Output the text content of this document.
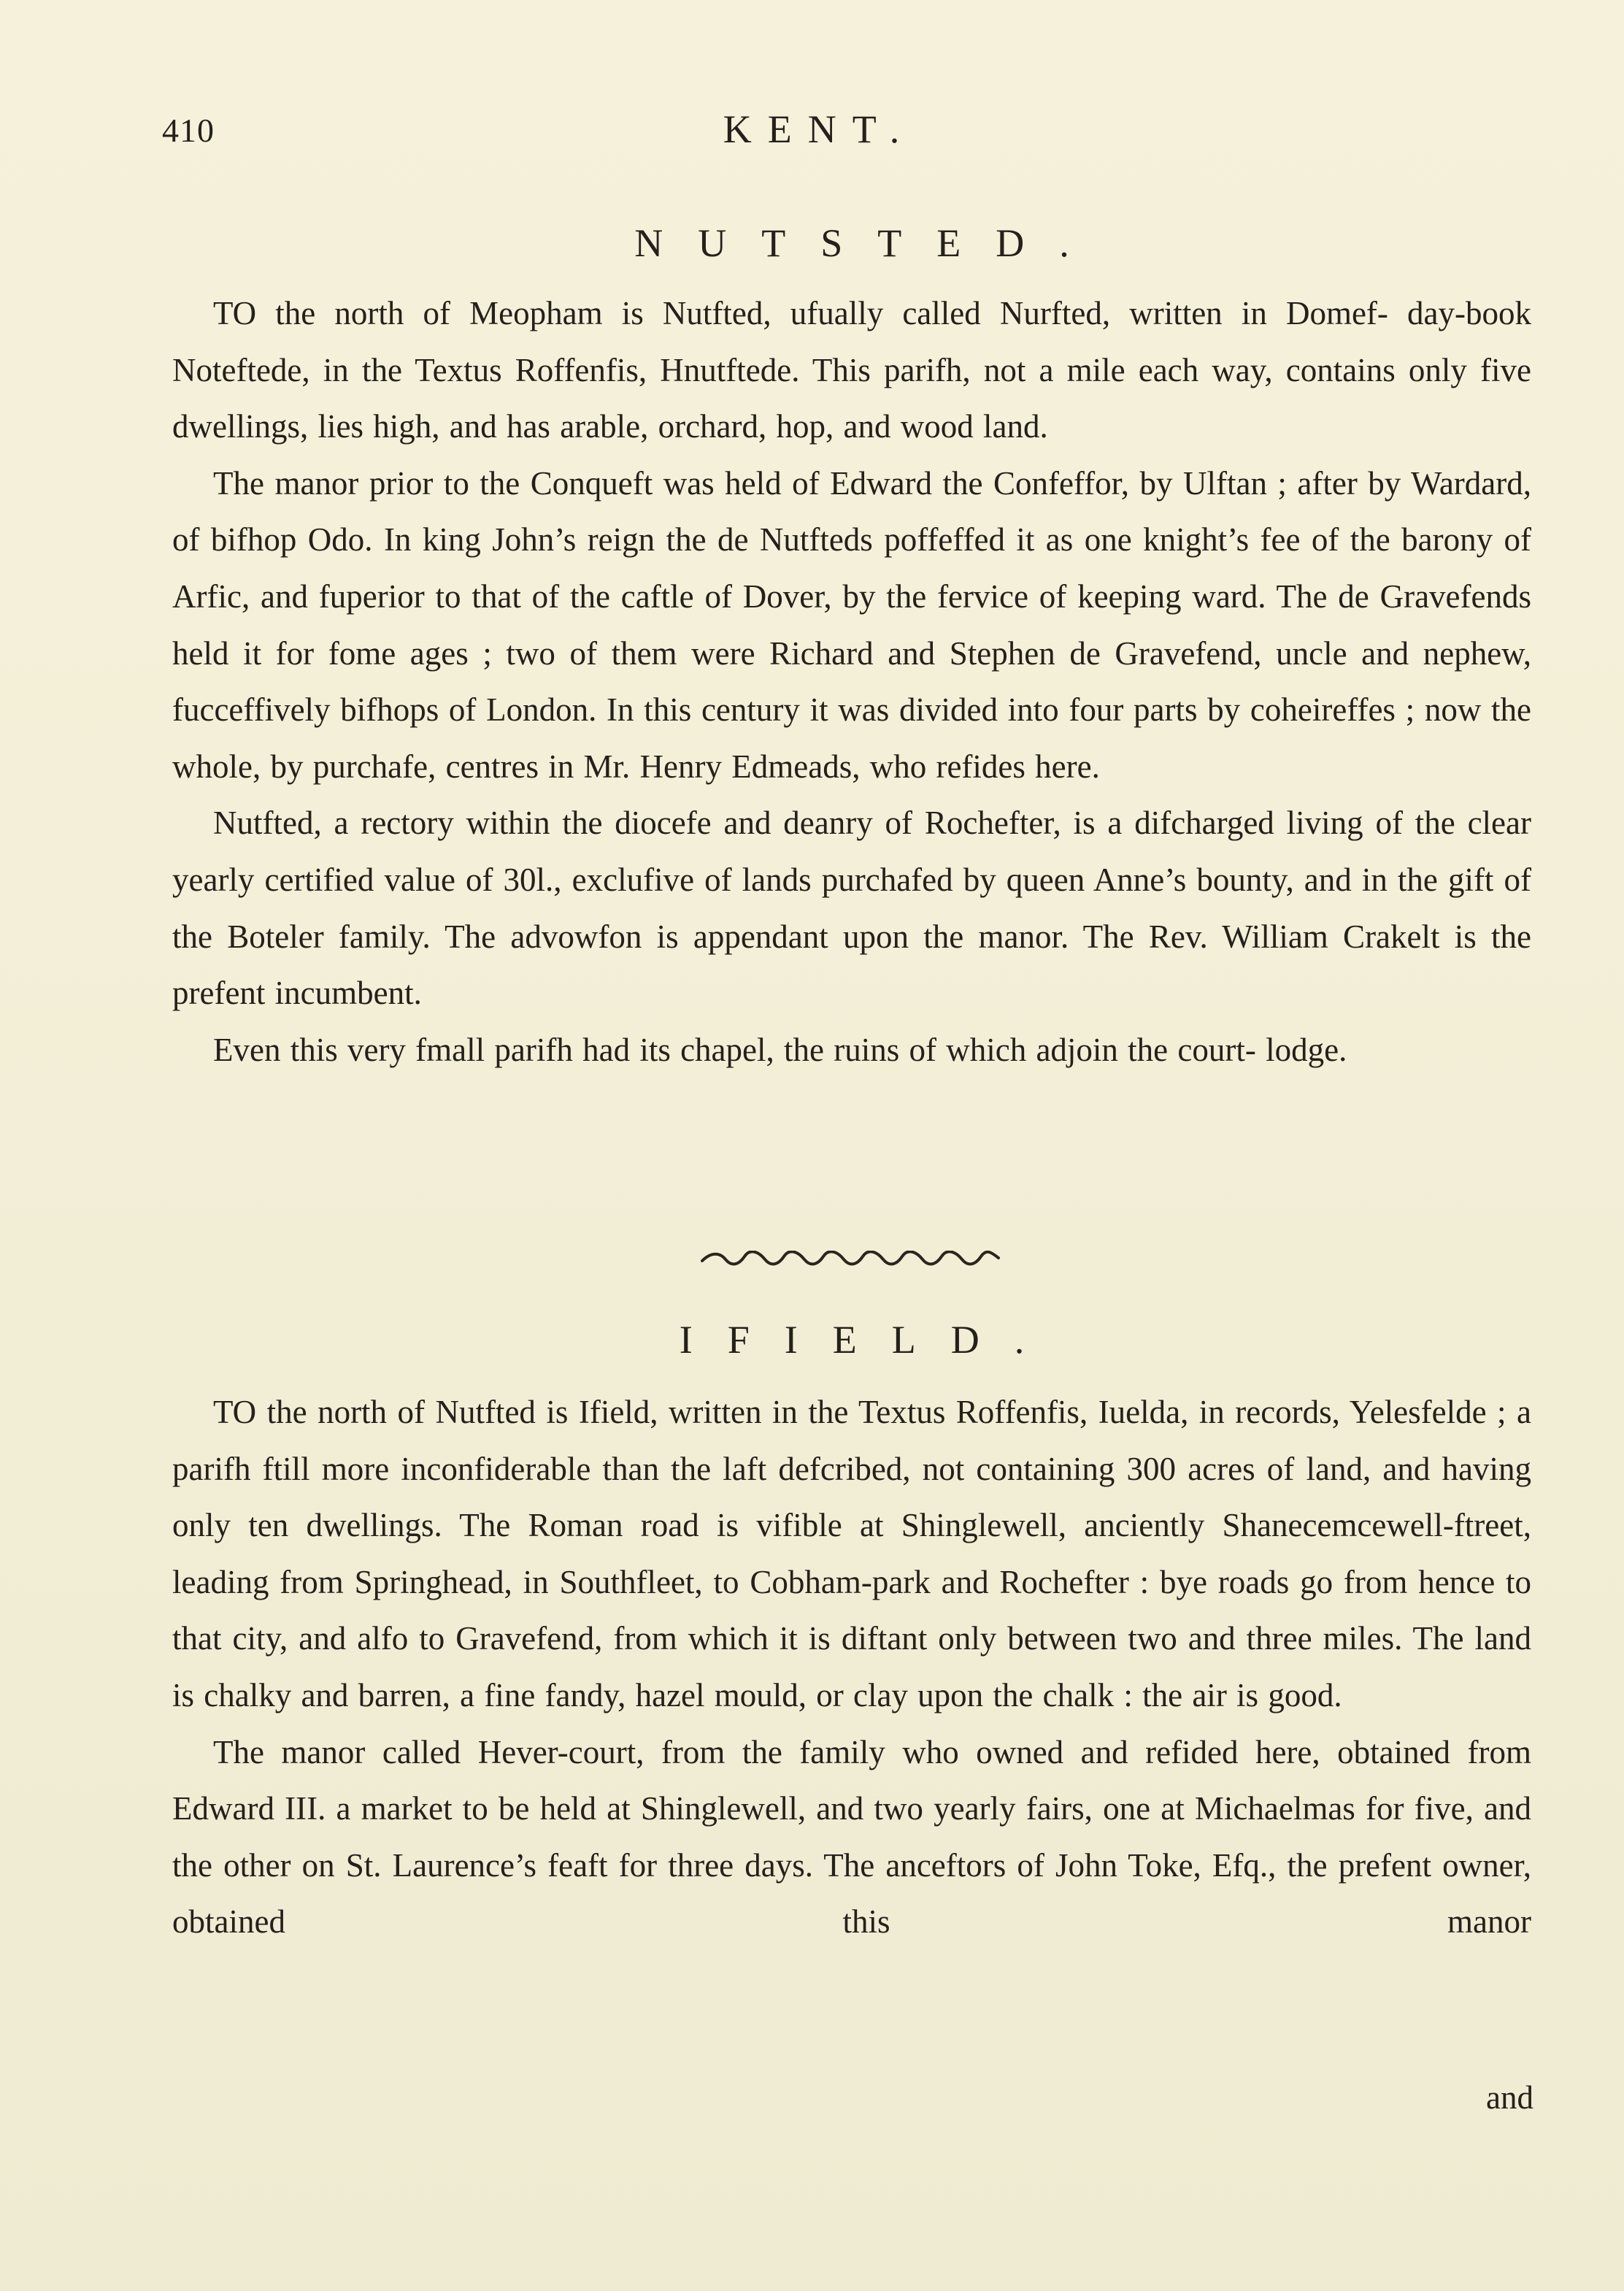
410	KENT.
NUTSTED.

TO the north of Meopham is Nutfted, ufually called Nurfted, written in Domef- day-book Noteftede, in the Textus Roffenfis, Hnutftede. This parifh, not a mile each way, contains only five dwellings, lies high, and has arable, orchard, hop, and wood land.

The manor prior to the Conqueft was held of Edward the Confeffor, by Ulftan ; after by Wardard, of bifhop Odo. In king John’s reign the de Nutfteds poffeffed it as one knight’s fee of the barony of Arfic, and fuperior to that of the caftle of Dover, by the fervice of keeping ward. The de Gravefends held it for fome ages ; two of them were Richard and Stephen de Gravefend, uncle and nephew, fucceffively bifhops of London. In this century it was divided into four parts by coheireffes ; now the whole, by purchafe, centres in Mr. Henry Edmeads, who refides here.

Nutfted, a rectory within the diocefe and deanry of Rochefter, is a difcharged living of the clear yearly certified value of 30l., exclufive of lands purchafed by queen Anne’s bounty, and in the gift of the Boteler family. The advowfon is appendant upon the manor. The Rev. William Crakelt is the prefent incumbent.

Even this very fmall parifh had its chapel, the ruins of which adjoin the court- lodge.

IFIELD.

TO the north of Nutfted is Ifield, written in the Textus Roffenfis, Iuelda, in records, Yelesfelde ; a parifh ftill more inconfiderable than the laft defcribed, not containing 300 acres of land, and having only ten dwellings. The Roman road is vifible at Shinglewell, anciently Shanecemcewell-ftreet, leading from Springhead, in Southfleet, to Cobham-park and Rochefter : bye roads go from hence to that city, and alfo to Gravefend, from which it is diftant only between two and three miles. The land is chalky and barren, a fine fandy, hazel mould, or clay upon the chalk : the air is good.

The manor called Hever-court, from the family who owned and refided here, obtained from Edward III. a market to be held at Shinglewell, and two yearly fairs, one at Michaelmas for five, and the other on St. Laurence’s feaft for three days. The anceftors of John Toke, Efq., the prefent owner, obtained this manor

and
